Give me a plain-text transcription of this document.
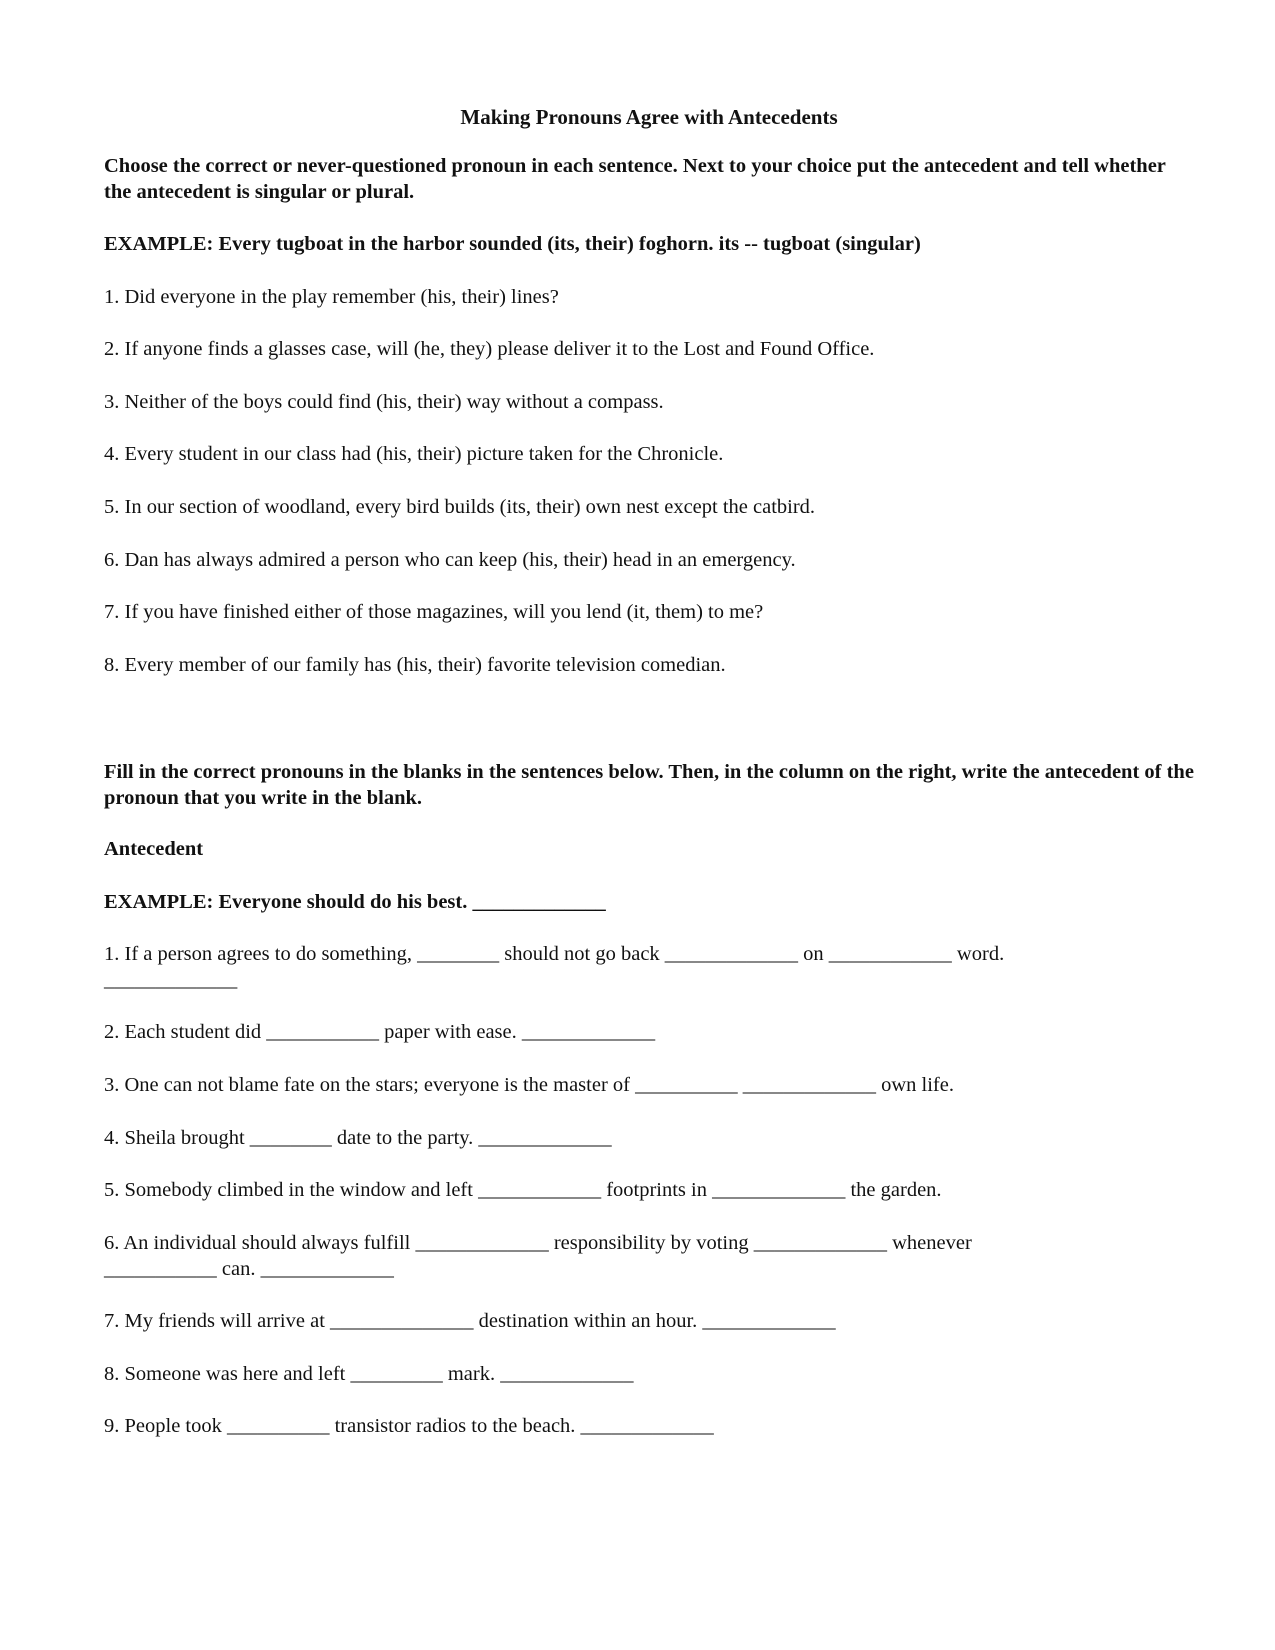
Making Pronouns Agree with Antecedents
Choose the correct or never-questioned pronoun in each sentence. Next to your choice put the antecedent and tell whether the antecedent is singular or plural.
EXAMPLE: Every tugboat in the harbor sounded (its, their) foghorn. its -- tugboat (singular)
1. Did everyone in the play remember (his, their) lines?
2. If anyone finds a glasses case, will (he, they) please deliver it to the Lost and Found Office.
3. Neither of the boys could find (his, their) way without a compass.
4. Every student in our class had (his, their) picture taken for the Chronicle.
5. In our section of woodland, every bird builds (its, their) own nest except the catbird.
6. Dan has always admired a person who can keep (his, their) head in an emergency.
7. If you have finished either of those magazines, will you lend (it, them) to me?
8. Every member of our family has (his, their) favorite television comedian.
Fill in the correct pronouns in the blanks in the sentences below. Then, in the column on the right, write the antecedent of the pronoun that you write in the blank.
Antecedent
EXAMPLE: Everyone should do his best. _____________
1. If a person agrees to do something, ________ should not go back _____________ on ____________ word.
_____________
2. Each student did ___________ paper with ease. _____________
3. One can not blame fate on the stars; everyone is the master of __________ _____________ own life.
4. Sheila brought ________ date to the party. _____________
5. Somebody climbed in the window and left ____________ footprints in _____________ the garden.
6. An individual should always fulfill _____________ responsibility by voting _____________ whenever
___________ can. _____________
7. My friends will arrive at ______________ destination within an hour. _____________
8. Someone was here and left _________ mark. _____________
9. People took __________ transistor radios to the beach. _____________
